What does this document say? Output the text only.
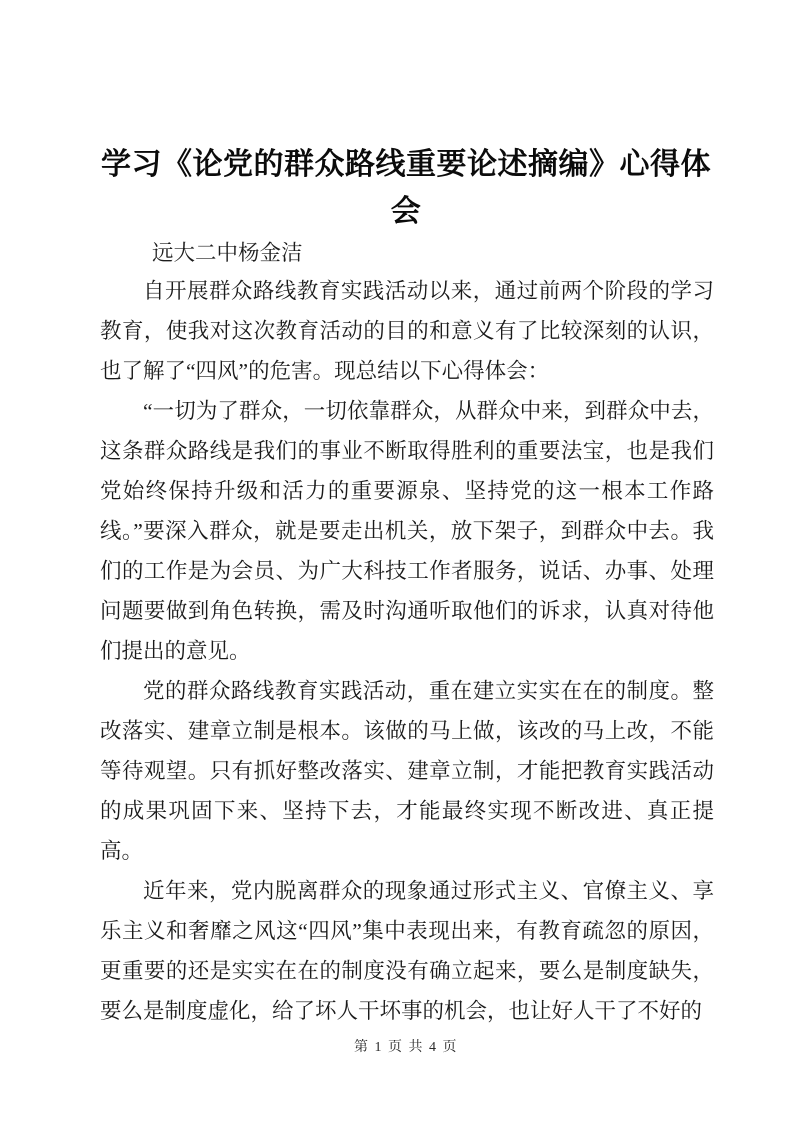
学习《论党的群众路线重要论述摘编》心得体会

远大二中杨金洁

自开展群众路线教育实践活动以来，通过前两个阶段的学习教育，使我对这次教育活动的目的和意义有了比较深刻的认识，也了解了“四风”的危害。现总结以下心得体会：

“一切为了群众，一切依靠群众，从群众中来，到群众中去，这条群众路线是我们的事业不断取得胜利的重要法宝，也是我们党始终保持升级和活力的重要源泉、坚持党的这一根本工作路线。”要深入群众，就是要走出机关，放下架子，到群众中去。我们的工作是为会员、为广大科技工作者服务，说话、办事、处理问题要做到角色转换，需及时沟通听取他们的诉求，认真对待他们提出的意见。

党的群众路线教育实践活动，重在建立实实在在的制度。整改落实、建章立制是根本。该做的马上做，该改的马上改，不能等待观望。只有抓好整改落实、建章立制，才能把教育实践活动的成果巩固下来、坚持下去，才能最终实现不断改进、真正提高。

近年来，党内脱离群众的现象通过形式主义、官僚主义、享乐主义和奢靡之风这“四风”集中表现出来，有教育疏忽的原因，更重要的还是实实在在的制度没有确立起来，要么是制度缺失，要么是制度虚化，给了坏人干坏事的机会，也让好人干了不好的

第 1 页 共 4 页
